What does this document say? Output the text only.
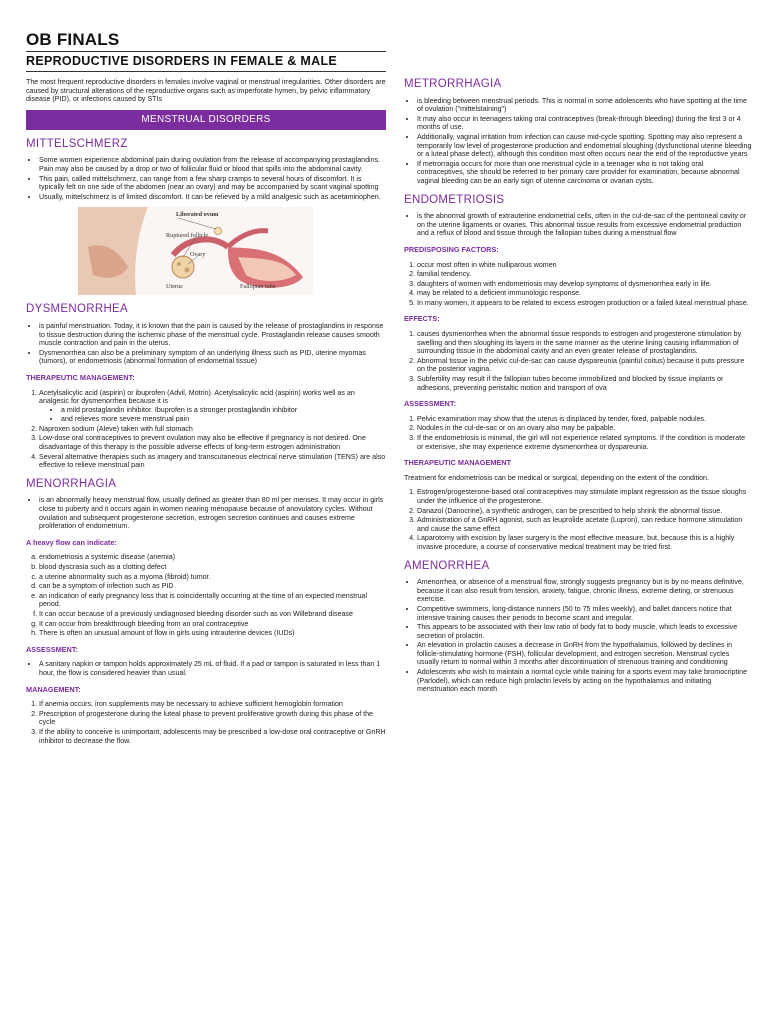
OB FINALS
REPRODUCTIVE DISORDERS IN FEMALE & MALE

The most frequent reproductive disorders in females involve vaginal or menstrual irregularities. Other disorders are caused by structural alterations of the reproductive organs such as imperforate hymen, by pelvic inflammatory disease (PID), or infections caused by STIs

MENSTRUAL DISORDERS
MITTELSCHMERZ
• Some women experience abdominal pain during ovulation from the release of accompanying prostaglandins. Pain may also be caused by a drop or two of follicular fluid or blood that spills into the abdominal cavity.
• This pain, called mittelschmerz, can range from a few sharp cramps to several hours of discomfort. It is typically felt on one side of the abdomen (near an ovary) and may be accompanied by scant vaginal spotting
• Usually, mittelschmerz is of limited discomfort. It can be relieved by a mild analgesic such as acetaminophen.
Liberated ovum
Ruptured follicle
Ovary
Uterus	Fallopian tube
DYSMENORRHEA
• is painful menstruation. Today, it is known that the pain is caused by the release of prostaglandins in response to tissue destruction during the ischemic phase of the menstrual cycle. Prostaglandin release causes smooth muscle contraction and pain in the uterus.
• Dysmenorrhea can also be a preliminary symptom of an underlying illness such as PID, uterine myomas (tumors), or endometriosis (abnormal formation of endometrial tissue)
THERAPEUTIC MANAGEMENT:
1. Acetylsalicylic acid (aspirin) or ibuprofen (Advil, Motrin). Acetylsalicylic acid (aspirin) works well as an analgesic for dysmenorrhea because it is
• a mild prostaglandin inhibitor. Ibuprofen is a stronger prostaglandin inhibitor
• and relieves more severe menstrual pain
2. Naproxen sodium (Aleve) taken with full stomach
3. Low-dose oral contraceptives to prevent ovulation may also be effective if pregnancy is not desired. One disadvantage of this therapy is the possible adverse effects of long-term estrogen administration
4. Several alternative therapies such as imagery and transcutaneous electrical nerve stimulation (TENS) are also effective to relieve menstrual pain
MENORRHAGIA
• is an abnormally heavy menstrual flow, usually defined as greater than 80 ml per menses. It may occur in girls close to puberty and it occurs again in women nearing menopause because of anovulatory cycles. Without ovulation and subsequent progesterone secretion, estrogen secretion continues and causes extreme proliferation of endometrium.
A heavy flow can indicate:
a. endometriosis a systemic disease (anemia)
b. blood dyscrasia such as a clotting defect
c. a uterine abnormality such as a myoma (fibroid) tumor.
d. can be a symptom of infection such as PID
e. an indication of early pregnancy loss that is coincidentally occurring at the time of an expected menstrual period.
f. It can occur because of a previously undiagnosed bleeding disorder such as von Willebrand disease
g. It can occur from breakthrough bleeding from an oral contraceptive
h. There is often an unusual amount of flow in girls using intrauterine devices (IUDs)
ASSESSMENT:
• A sanitary napkin or tampon holds approximately 25 mL of fluid. If a pad or tampon is saturated in less than 1 hour, the flow is considered heavier than usual.
MANAGEMENT:
1. If anemia occurs, iron supplements may be necessary to achieve sufficient hemoglobin formation
2. Prescription of progesterone during the luteal phase to prevent proliferative growth during this phase of the cycle
3. If the ability to conceive is unimportant, adolescents may be prescribed a low-dose oral contraceptive or GnRH inhibitor to decrease the flow.
METRORRHAGIA
• is bleeding between menstrual periods. This is normal in some adolescents who have spotting at the time of ovulation ("mittelstaining")
• It may also occur in teenagers taking oral contraceptives (break-through bleeding) during the first 3 or 4 months of use.
• Additionally, vaginal irritation from infection can cause mid-cycle spotting. Spotting may also represent a temporarily low level of progesterone production and endometrial sloughing (dysfunctional uterine bleeding or a luteal phase defect), although this condition most often occurs near the end of the reproductive years
• If metrorragia occurs for more than one menstrual cycle in a teenager who is not taking oral contraceptives, she should be referred to her primary care provider for examination, because abnormal vaginal bleeding can be an early sign of uterine carcinoma or ovarian cysts.
ENDOMETRIOSIS
• is the abnormal growth of extrauterine endometrial cells, often in the cul-de-sac of the peritoneal cavity or on the uterine ligaments or ovaries. This abnormal tissue results from excessive endometrial production and a reflux of blood and tissue through the fallopian tubes during a menstrual flow
PREDISPOSING FACTORS:
1. occur most often in white nulliparous women
2. familial tendency.
3. daughters of women with endometriosis may develop symptoms of dysmenorrhea early in life.
4. may be related to a deficient immunologic response.
5. In many women, it appears to be related to excess estrogen production or a failed luteal menstrual phase.
EFFECTS:
1. causes dysmenorrhea when the abnormal tissue responds to estrogen and progesterone stimulation by swelling and then sloughing its layers in the same manner as the uterine lining causing inflammation of surrounding tissue in the abdominal cavity and an even greater release of prostaglandins.
2. Abnormal tissue in the pelvic cul-de-sac can cause dyspareunia (painful coitus) because it puts pressure on the posterior vagina.
3. Subfertility may result if the fallopian tubes become immobilized and blocked by tissue implants or adhesions, preventing peristaltic motion and transport of ova
ASSESSMENT:
1. Pelvic examination may show that the uterus is displaced by tender, fixed, palpable nodules.
2. Nodules in the cul-de-sac or on an ovary also may be palpable.
3. If the endometriosis is minimal, the girl will not experience related symptoms. If the condition is moderate or extensive, she may experience extreme dysmenorrhea or dyspareunia.
THERAPEUTIC MANAGEMENT

Treatment for endometriosis can be medical or surgical, depending on the extent of the condition.

1. Estrogen/progesterone-based oral contraceptives may stimulate implant regression as the tissue sloughs under the influence of the progesterone.
2. Danazol (Danocrine), a synthetic androgen, can be prescribed to help shrink the abnormal tissue.
3. Administration of a GnRH agonist, such as leuprolide acetate (Lupron), can reduce hormone stimulation and cause the same effect
4. Laparotomy with excision by laser surgery is the most effective measure, but, because this is a highly invasive procedure, a course of conservative medical treatment may be tried first.
AMENORRHEA
• Amenorrhea, or absence of a menstrual flow, strongly suggests pregnancy but is by no means definitive, because it can also result from tension, anxiety, fatigue, chronic illness, extreme dieting, or strenuous exercise.
• Competitive swimmers, long-distance runners (50 to 75 miles weekly), and ballet dancers notice that intensive training causes their periods to become scant and irregular.
• This appears to be associated with their low ratio of body fat to body muscle, which leads to excessive secretion of prolactin.
• An elevation in prolactin causes a decrease in GnRH from the hypothalamus, followed by declines in follicle-stimulating hormone (FSH), follicular development, and estrogen secretion. Menstrual cycles usually return to normal within 3 months after discontinuation of strenuous training and conditioning
• Adolescents who wish to maintain a normal cycle while training for a sports event may take bromocriptine (Parlodel), which can reduce high prolactin levels by acting on the hypothalamus and initiating menstruation each month
